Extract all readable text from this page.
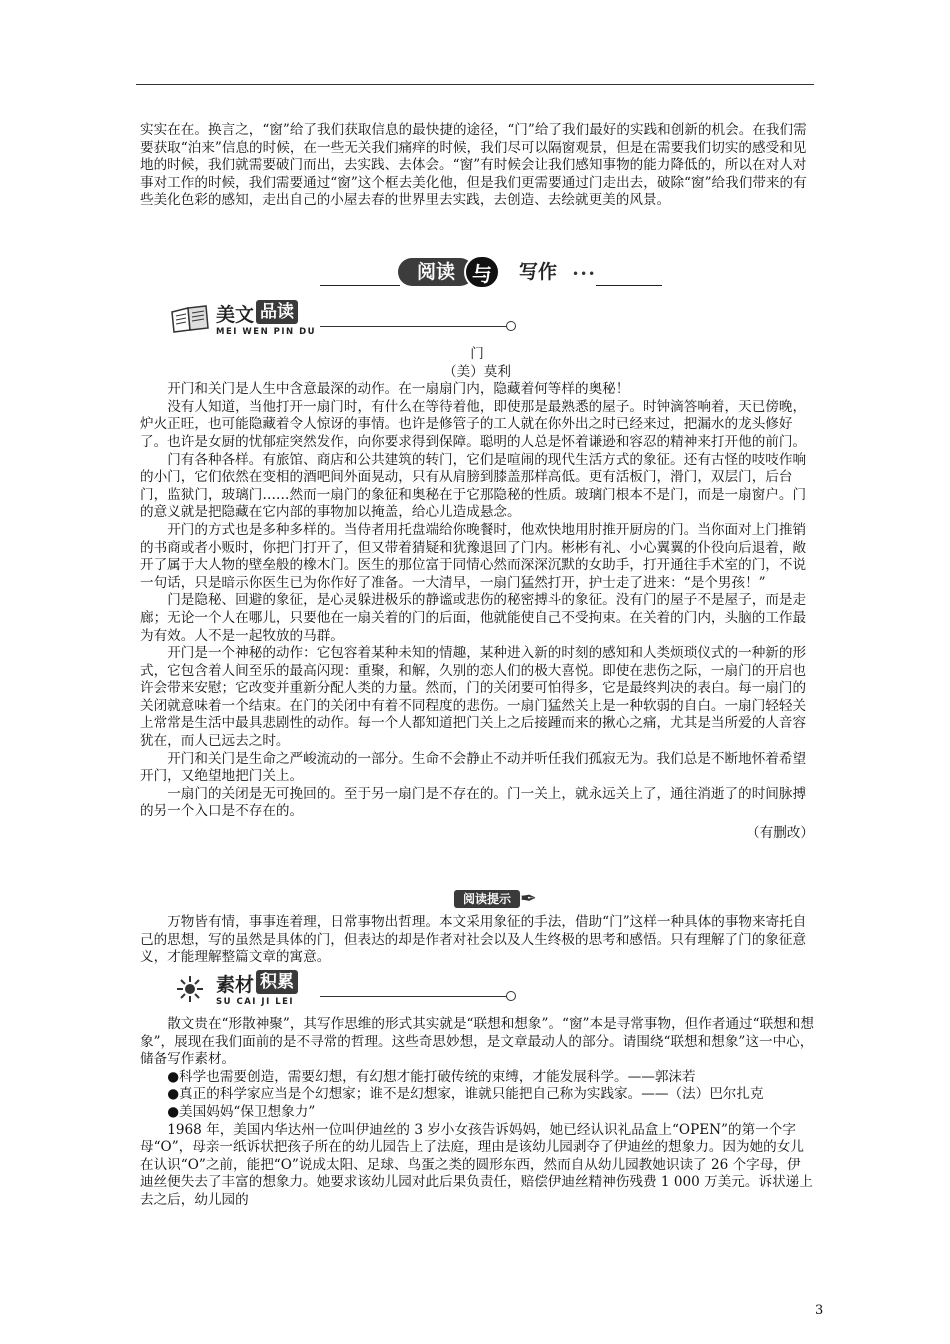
实实在在。换言之，“窗”给了我们获取信息的最快捷的途径，“门”给了我们最好的实践和创新的机会。在我们需要获取“泊来”信息的时候，在一些无关我们痛痒的时候，我们尽可以隔窗观景，但是在需要我们切实的感受和见地的时候，我们就需要破门而出，去实践、去体会。“窗”有时候会让我们感知事物的能力降低的，所以在对人对事对工作的时候，我们需要通过“窗”这个框去美化他，但是我们更需要通过门走出去，破除“窗”给我们带来的有些美化色彩的感知，走出自己的小屋去春的世界里去实践，去创造、去绘就更美的风景。

阅读 与	写作	•••
美文 品读
MEI WEN PIN DU

门

（美）莫利

开门和关门是人生中含意最深的动作。在一扇扇门内，隐藏着何等样的奥秘！

没有人知道，当他打开一扇门时，有什么在等待着他，即使那是最熟悉的屋子。时钟滴答响着，天已傍晚，炉火正旺，也可能隐藏着令人惊讶的事情。也许是修管子的工人就在你外出之时已经来过，把漏水的龙头修好了。也许是女厨的忧郁症突然发作，向你要求得到保障。聪明的人总是怀着谦逊和容忍的精神来打开他的前门。

门有各种各样。有旅馆、商店和公共建筑的转门，它们是喧闹的现代生活方式的象征。还有古怪的吱吱作响的小门，它们依然在变相的酒吧间外面晃动，只有从肩膀到膝盖那样高低。更有活板门，滑门，双层门，后台门，监狱门，玻璃门……然而一扇门的象征和奥秘在于它那隐秘的性质。玻璃门根本不是门，而是一扇窗户。门的意义就是把隐藏在它内部的事物加以掩盖，给心儿造成悬念。

开门的方式也是多种多样的。当侍者用托盘端给你晚餐时，他欢快地用肘推开厨房的门。当你面对上门推销的书商或者小贩时，你把门打开了，但又带着猜疑和犹豫退回了门内。彬彬有礼、小心翼翼的仆役向后退着，敞开了属于大人物的壁垒般的橡木门。医生的那位富于同情心然而深深沉默的女助手，打开通往手术室的门，不说一句话，只是暗示你医生已为你作好了准备。一大清早，一扇门猛然打开，护士走了进来：“是个男孩！”

门是隐秘、回避的象征，是心灵躲进极乐的静谧或悲伤的秘密搏斗的象征。没有门的屋子不是屋子，而是走廊；无论一个人在哪儿，只要他在一扇关着的门的后面，他就能使自己不受拘束。在关着的门内，头脑的工作最为有效。人不是一起牧放的马群。

开门是一个神秘的动作：它包容着某种未知的情趣，某种进入新的时刻的感知和人类烦琐仪式的一种新的形式，它包含着人间至乐的最高闪现：重聚，和解，久别的恋人们的极大喜悦。即使在悲伤之际，一扇门的开启也许会带来安慰；它改变并重新分配人类的力量。然而，门的关闭要可怕得多，它是最终判决的表白。每一扇门的关闭就意味着一个结束。在门的关闭中有着不同程度的悲伤。一扇门猛然关上是一种软弱的自白。一扇门轻轻关上常常是生活中最具悲剧性的动作。每一个人都知道把门关上之后接踵而来的揪心之痛，尤其是当所爱的人音容犹在，而人已远去之时。

开门和关门是生命之严峻流动的一部分。生命不会静止不动并听任我们孤寂无为。我们总是不断地怀着希望开门，又绝望地把门关上。

一扇门的关闭是无可挽回的。至于另一扇门是不存在的。门一关上，就永远关上了，通往消逝了的时间脉搏的另一个入口是不存在的。

（有删改）

阅读提示 ✒

万物皆有情，事事连着理，日常事物出哲理。本文采用象征的手法，借助“门”这样一种具体的事物来寄托自己的思想，写的虽然是具体的门，但表达的却是作者对社会以及人生终极的思考和感悟。只有理解了门的象征意义，才能理解整篇文章的寓意。

素材 积累
SU CAI JI LEI

散文贵在“形散神聚”，其写作思维的形式其实就是“联想和想象”。“窗”本是寻常事物，但作者通过“联想和想象”，展现在我们面前的是不寻常的哲理。这些奇思妙想，是文章最动人的部分。请围绕“联想和想象”这一中心，储备写作素材。

●科学也需要创造，需要幻想，有幻想才能打破传统的束缚，才能发展科学。——郭沫若

●真正的科学家应当是个幻想家；谁不是幻想家，谁就只能把自己称为实践家。——（法）巴尔扎克

●美国妈妈“保卫想象力”

1968 年，美国内华达州一位叫伊迪丝的 3 岁小女孩告诉妈妈，她已经认识礼品盒上“OPEN”的第一个字母“O”，母亲一纸诉状把孩子所在的幼儿园告上了法庭，理由是该幼儿园剥夺了伊迪丝的想象力。因为她的女儿在认识“O”之前，能把“O”说成太阳、足球、鸟蛋之类的圆形东西，然而自从幼儿园教她识读了 26 个字母，伊迪丝便失去了丰富的想象力。她要求该幼儿园对此后果负责任，赔偿伊迪丝精神伤残费 1 000 万美元。诉状递上去之后，幼儿园的

3
